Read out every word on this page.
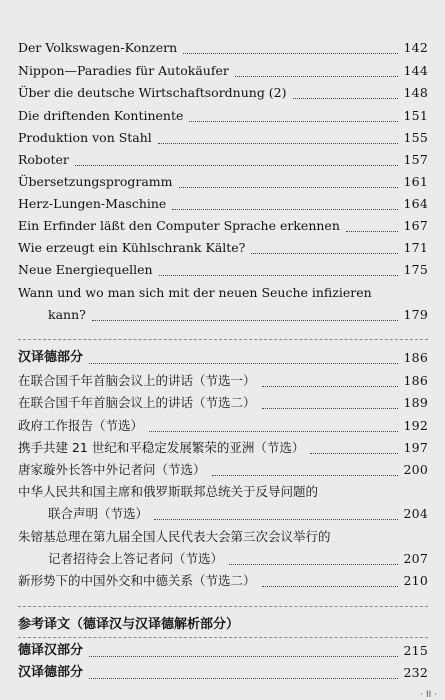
Der Volkswagen-Konzern	142
Nippon—Paradies für Autokäufer	144
Über die deutsche Wirtschaftsordnung (2)	148
Die driftenden Kontinente	151
Produktion von Stahl	155
Roboter	157
Übersetzungsprogramm	161
Herz-Lungen-Maschine	164
Ein Erfinder läßt den Computer Sprache erkennen	167
Wie erzeugt ein Kühlschrank Kälte?	171
Neue Energiequellen	175
Wann und wo man sich mit der neuen Seuche infizieren
kann?	179
汉译德部分	186
在联合国千年首脑会议上的讲话（节选一）	186
在联合国千年首脑会议上的讲话（节选二）	189
政府工作报告（节选）	192
携手共建 21 世纪和平稳定发展繁荣的亚洲（节选）	197
唐家璇外长答中外记者问（节选）	200
中华人民共和国主席和俄罗斯联邦总统关于反导问题的
联合声明（节选）	204
朱镕基总理在第九届全国人民代表大会第三次会议举行的
记者招待会上答记者问（节选）	207
新形势下的中国外交和中德关系（节选二）	210
参考译文（德译汉与汉译德解析部分）
德译汉部分	215
汉译德部分	232
· II ·
